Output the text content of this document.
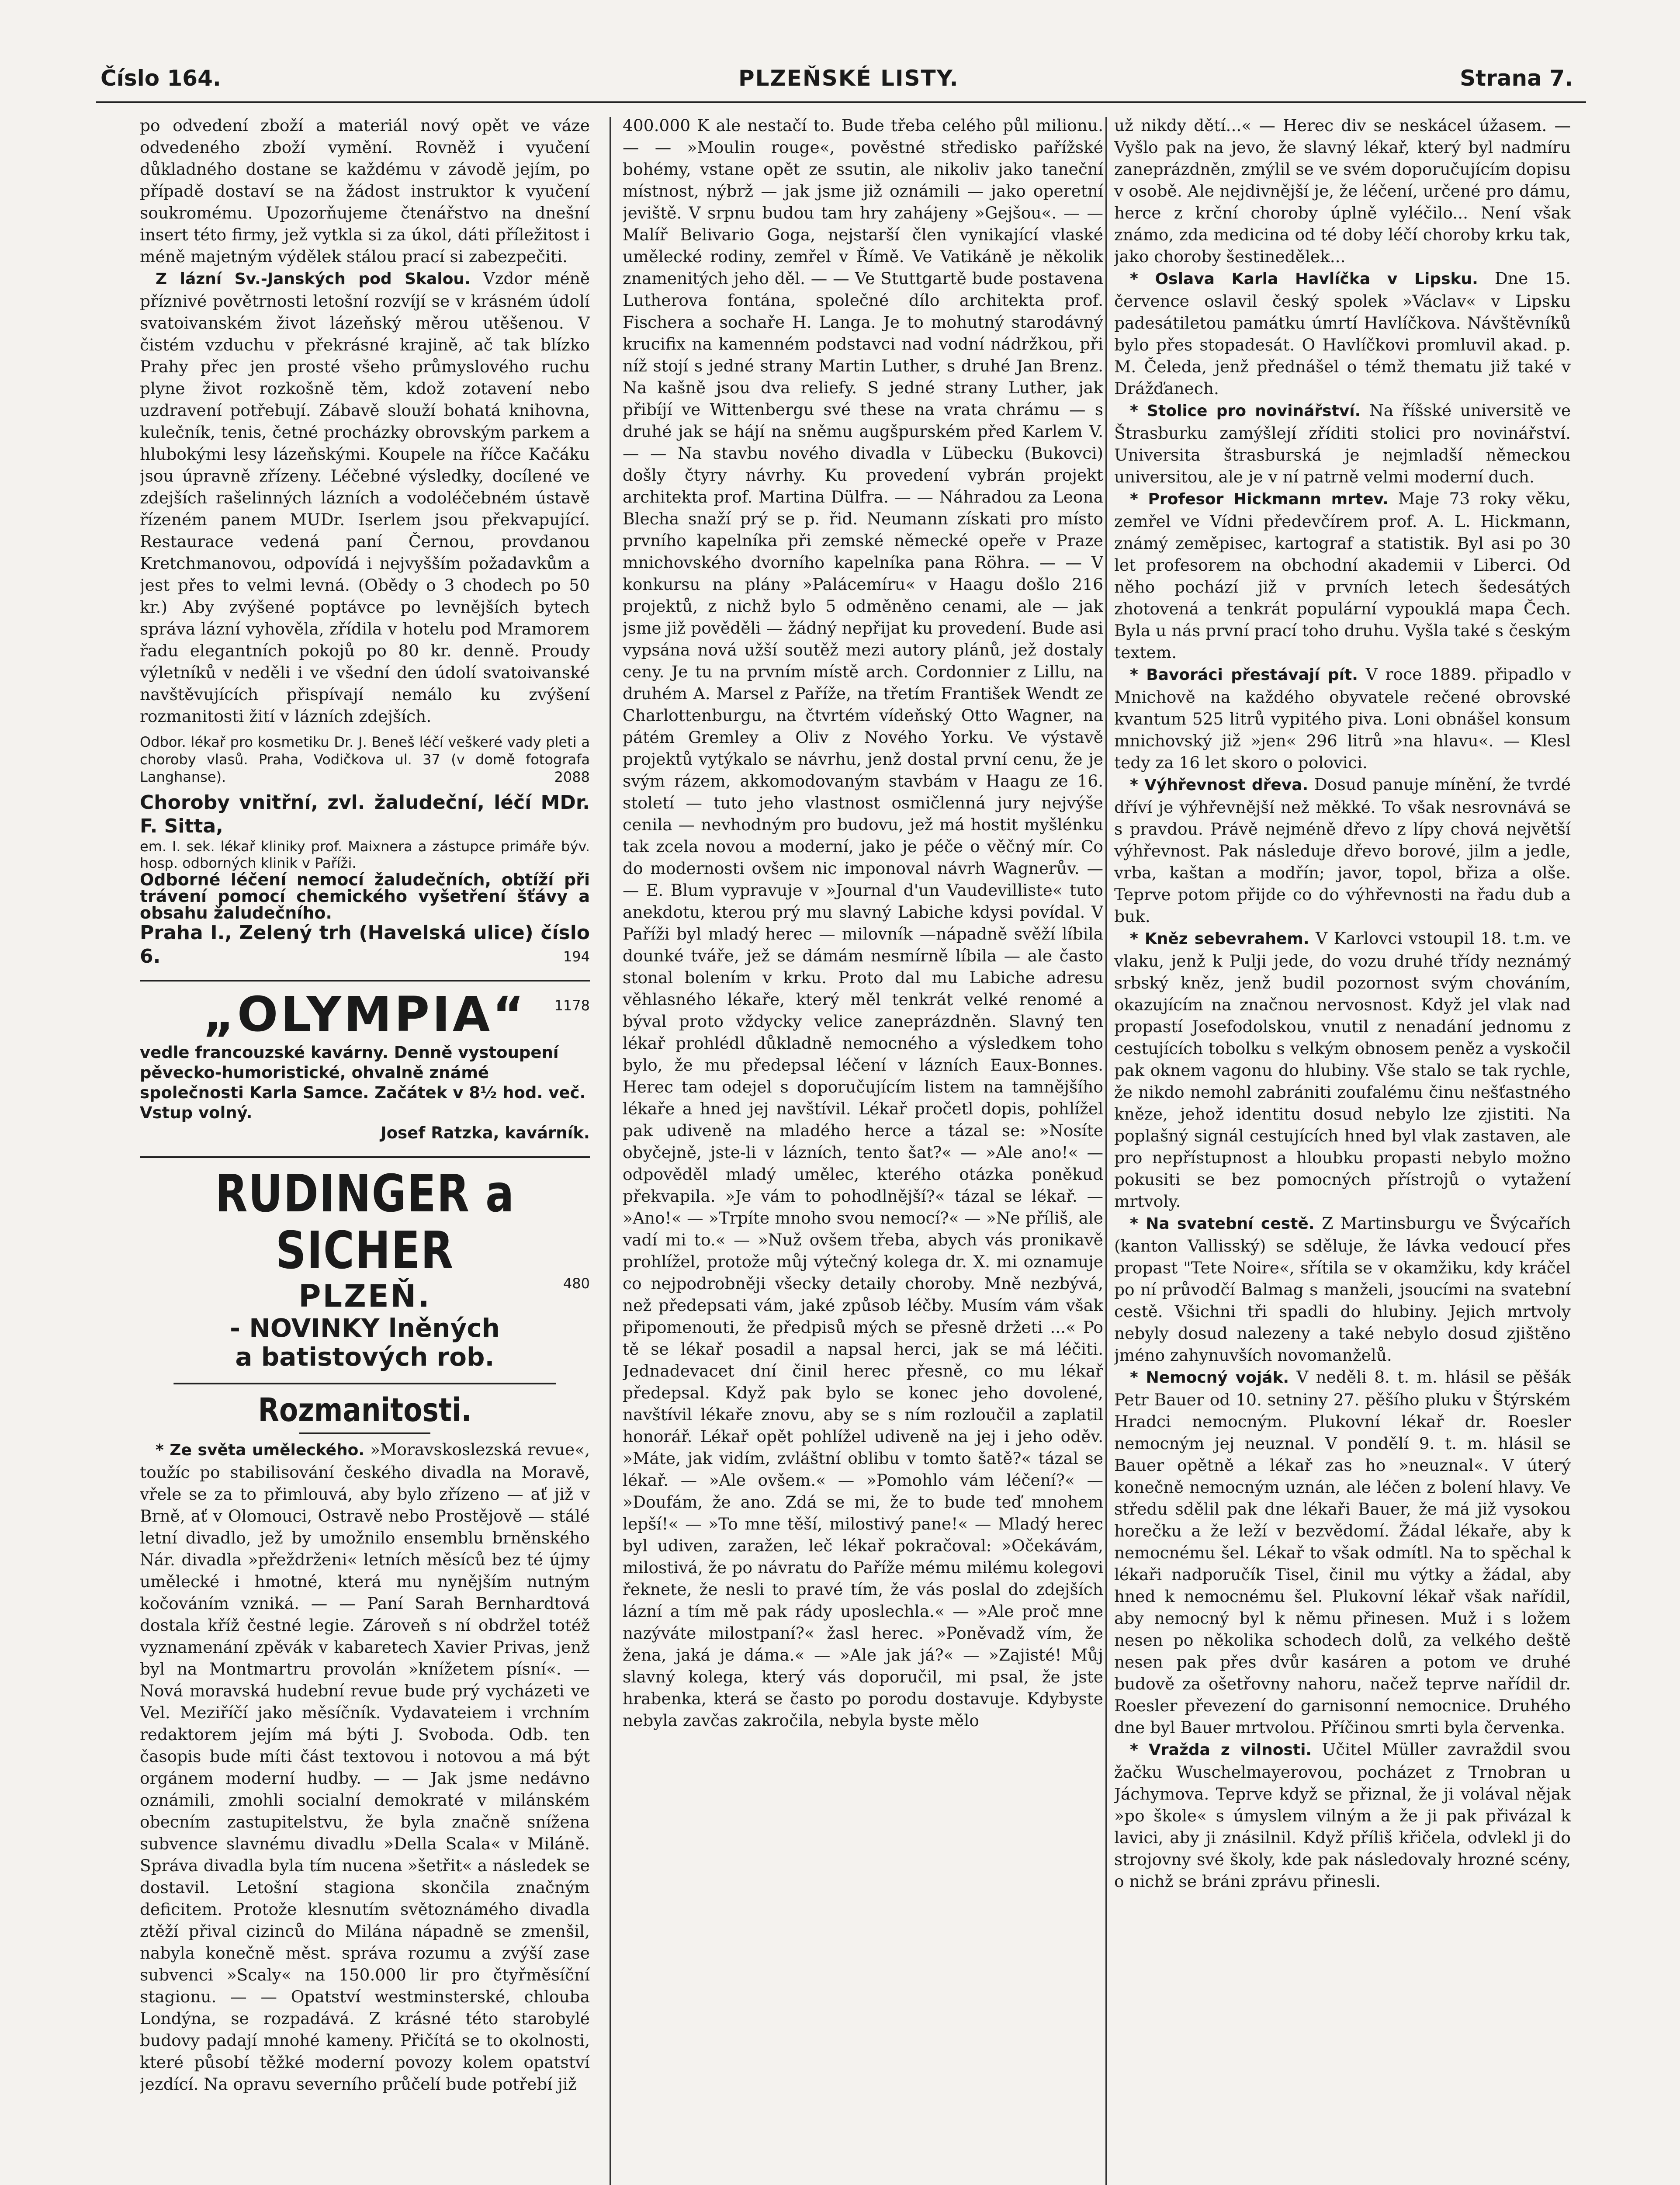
Číslo 164.	PLZEŇSKÉ LISTY.	Strana 7.

po odvedení zboží a materiál nový opět ve váze odvedeného zboží vymění. Rovněž i vyučení důkladného dostane se každému v závodě jejím, po případě dostaví se na žádost instruktor k vyučení soukromému. Upozorňujeme čtenářstvo na dnešní insert této firmy, jež vytkla si za úkol, dáti příležitost i méně majetným výdělek stálou prací si zabezpečiti.

Z lázní Sv.-Janských pod Skalou. Vzdor méně příznivé povětrnosti letošní rozvíjí se v krásném údolí svatoivanském život lázeňský měrou utěšenou. V čistém vzduchu v překrásné krajině, ač tak blízko Prahy přec jen prosté všeho průmyslového ruchu plyne život rozkošně těm, kdož zotavení nebo uzdravení potřebují. Zábavě slouží bohatá knihovna, kulečník, tenis, četné procházky obrovským parkem a hlubokými lesy lázeňskými. Koupele na říčce Kačáku jsou úpravně zřízeny. Léčebné výsledky, docílené ve zdejších rašelinných lázních a vodoléčebném ústavě řízeném panem MUDr. Iserlem jsou překvapující. Restaurace vedená paní Černou, provdanou Kretchmanovou, odpovídá i nejvyšším požadavkům a jest přes to velmi levná. (Obědy o 3 chodech po 50 kr.) Aby zvýšené poptávce po levnějších bytech správa lázní vyhověla, zřídila v hotelu pod Mramorem řadu elegantních pokojů po 80 kr. denně. Proudy výletníků v neděli i ve všední den údolí svatoivanské navštěvujících přispívají nemálo ku zvýšení rozmanitosti žití v lázních zdejších.

Odbor. lékař pro kosmetiku Dr. J. Beneš léčí veškeré vady pleti a choroby vlasů. Praha, Vodičkova ul. 37 (v domě fotografa Langhanse).	2088
Choroby vnitřní, zvl. žaludeční, léčí MDr. F. Sitta,
em. I. sek. lékař kliniky prof. Maixnera a zástupce primáře býv. hosp. odborných klinik v Paříži.
Odborné léčení nemocí žaludečních, obtíží při trávení pomocí chemického vyšetření šťávy a obsahu žaludečního.
Praha I., Zelený trh (Havelská ulice) číslo 6.	194
„OLYMPIA“	1178
vedle francouzské kavárny. Denně vystoupení pěvecko-humoristické, ohvalně známé společnosti Karla Samce. Začátek v 8½ hod. več. Vstup volný.
Josef Ratzka, kavárník.
RUDINGER a SICHER
PLZEŇ.
- NOVINKY lněných
a batistových rob.
480
Rozmanitosti.

* Ze světa uměleckého. »Moravskoslezská revue«, toužíc po stabilisování českého divadla na Moravě, vřele se za to přimlouvá, aby bylo zřízeno — ať již v Brně, ať v Olomouci, Ostravě nebo Prostějově — stálé letní divadlo, jež by umožnilo ensemblu brněnského Nár. divadla »přeždrženi« letních měsíců bez té újmy umělecké i hmotné, která mu nynějším nutným kočováním vzniká. — — Paní Sarah Bernhardtová dostala kříž čestné legie. Zároveň s ní obdržel totéž vyznamenání zpěvák v kabaretech Xavier Privas, jenž byl na Montmartru provolán »knížetem písní«. — Nová moravská hudební revue bude prý vycházeti ve Vel. Meziříčí jako měsíčník. Vydavateiem i vrchním redaktorem jejím má býti J. Svoboda. Odb. ten časopis bude míti část textovou i notovou a má být orgánem moderní hudby. — — Jak jsme nedávno oznámili, zmohli socialní demokraté v milánském obecním zastupitelstvu, že byla značně snížena subvence slavnému divadlu »Della Scala« v Miláně. Správa divadla byla tím nucena »šetřit« a následek se dostavil. Letošní stagiona skončila značným deficitem. Protože klesnutím světoznámého divadla ztěží přival cizinců do Milána nápadně se zmenšil, nabyla konečně měst. správa rozumu a zvýší zase subvenci »Scaly« na 150.000 lir pro čtyřměsíční stagionu. — — Opatství westminsterské, chlouba Londýna, se rozpadává. Z krásné této starobylé budovy padají mnohé kameny. Přičítá se to okolnosti, které působí těžké moderní povozy kolem opatství jezdící. Na opravu severního průčelí bude potřebí již

400.000 K ale nestačí to. Bude třeba celého půl milionu. — — »Moulin rouge«, pověstné středisko pařížské bohémy, vstane opět ze ssutin, ale nikoliv jako taneční místnost, nýbrž — jak jsme již oznámili — jako operetní jeviště. V srpnu budou tam hry zahájeny »Gejšou«. — — Malíř Belivario Goga, nejstarší člen vynikající vlaské umělecké rodiny, zemřel v Římě. Ve Vatikáně je několik znamenitých jeho děl. — — Ve Stuttgartě bude postavena Lutherova fontána, společné dílo architekta prof. Fischera a sochaře H. Langa. Je to mohutný starodávný krucifix na kamenném podstavci nad vodní nádržkou, při níž stojí s jedné strany Martin Luther, s druhé Jan Brenz. Na kašně jsou dva reliefy. S jedné strany Luther, jak přibíjí ve Wittenbergu své these na vrata chrámu — s druhé jak se hájí na sněmu augšpurském před Karlem V. — — Na stavbu nového divadla v Lübecku (Bukovci) došly čtyry návrhy. Ku provedení vybrán projekt architekta prof. Martina Dülfra. — — Náhradou za Leona Blecha snaží prý se p. řid. Neumann získati pro místo prvního kapelníka při zemské německé opeře v Praze mnichovského dvorního kapelníka pana Röhra. — — V konkursu na plány »Palácemíru« v Haagu došlo 216 projektů, z nichž bylo 5 odměněno cenami, ale — jak jsme již pověděli — žádný nepřijat ku provedení. Bude asi vypsána nová užší soutěž mezi autory plánů, jež dostaly ceny. Je tu na prvním místě arch. Cordonnier z Lillu, na druhém A. Marsel z Paříže, na třetím František Wendt ze Charlottenburgu, na čtvrtém vídeňský Otto Wagner, na pátém Gremley a Oliv z Nového Yorku. Ve výstavě projektů vytýkalo se návrhu, jenž dostal první cenu, že je svým rázem, akkomodovaným stavbám v Haagu ze 16. století — tuto jeho vlastnost osmičlenná jury nejvýše cenila — nevhodným pro budovu, jež má hostit myšlénku tak zcela novou a moderní, jako je péče o věčný mír. Co do modernosti ovšem nic imponoval návrh Wagnerův. — — E. Blum vypravuje v »Journal d'un Vaudevilliste« tuto anekdotu, kterou prý mu slavný Labiche kdysi povídal. V Paříži byl mladý herec — milovník —nápadně svěží líbila dounké tváře, jež se dámám nesmírně líbila — ale často stonal bolením v krku. Proto dal mu Labiche adresu věhlasného lékaře, který měl tenkrát velké renomé a býval proto vždycky velice zaneprázdněn. Slavný ten lékař prohlédl důkladně nemocného a výsledkem toho bylo, že mu předepsal léčení v lázních Eaux-Bonnes. Herec tam odejel s doporučujícím listem na tamnějšího lékaře a hned jej navštívil. Lékař pročetl dopis, pohlížel pak udiveně na mladého herce a tázal se: »Nosíte obyčejně, jste-li v lázních, tento šat?« — »Ale ano!« — odpověděl mladý umělec, kterého otázka poněkud překvapila. »Je vám to pohodlnější?« tázal se lékař. — »Ano!« — »Trpíte mnoho svou nemocí?« — »Ne příliš, ale vadí mi to.« — »Nuž ovšem třeba, abych vás pronikavě prohlížel, protože můj výtečný kolega dr. X. mi oznamuje co nejpodrobněji všecky detaily choroby. Mně nezbývá, než předepsati vám, jaké způsob léčby. Musím vám však připomenouti, že předpisů mých se přesně držeti ...« Po tě se lékař posadil a napsal herci, jak se má léčiti. Jednadevacet dní činil herec přesně, co mu lékař předepsal. Když pak bylo se konec jeho dovolené, navštívil lékaře znovu, aby se s ním rozloučil a zaplatil honorář. Lékař opět pohlížel udiveně na jej i jeho oděv. »Máte, jak vidím, zvláštní oblibu v tomto šatě?« tázal se lékař. — »Ale ovšem.« — »Pomohlo vám léčení?« — »Doufám, že ano. Zdá se mi, že to bude teď mnohem lepší!« — »To mne těší, milostivý pane!« — Mladý herec byl udiven, zaražen, leč lékař pokračoval: »Očekávám, milostivá, že po návratu do Paříže mému milému kolegovi řeknete, že nesli to pravé tím, že vás poslal do zdejších lázní a tím mě pak rády uposlechla.« — »Ale proč mne nazýváte milostpaní?« žasl herec. »Poněvadž vím, že žena, jaká je dáma.« — »Ale jak já?« — »Zajisté! Můj slavný kolega, který vás doporučil, mi psal, že jste hrabenka, která se často po porodu dostavuje. Kdybyste nebyla zavčas zakročila, nebyla byste mělo

už nikdy dětí...« — Herec div se neskácel úžasem. — Vyšlo pak na jevo, že slavný lékař, který byl nadmíru zaneprázdněn, zmýlil se ve svém doporučujícím dopisu v osobě. Ale nejdivnější je, že léčení, určené pro dámu, herce z krční choroby úplně vyléčilo... Není však známo, zda medicina od té doby léčí choroby krku tak, jako choroby šestinedělek...

* Oslava Karla Havlíčka v Lipsku. Dne 15. července oslavil český spolek »Václav« v Lipsku padesátiletou památku úmrtí Havlíčkova. Návštěvníků bylo přes stopadesát. O Havlíčkovi promluvil akad. p. M. Čeleda, jenž přednášel o témž thematu již také v Drážďanech.

* Stolice pro novinářství. Na říšské universitě ve Štrasburku zamýšlejí zříditi stolici pro novinářství. Universita štrasburská je nejmladší německou universitou, ale je v ní patrně velmi moderní duch.

* Profesor Hickmann mrtev. Maje 73 roky věku, zemřel ve Vídni předevčírem prof. A. L. Hickmann, známý zeměpisec, kartograf a statistik. Byl asi po 30 let profesorem na obchodní akademii v Liberci. Od něho pochází již v prvních letech šedesátých zhotovená a tenkrát populární vypouklá mapa Čech. Byla u nás první prací toho druhu. Vyšla také s českým textem.

* Bavoráci přestávají pít. V roce 1889. připadlo v Mnichově na každého obyvatele rečené obrovské kvantum 525 litrů vypitého piva. Loni obnášel konsum mnichovský již »jen« 296 litrů »na hlavu«. — Klesl tedy za 16 let skoro o polovici.

* Výhřevnost dřeva. Dosud panuje mínění, že tvrdé dříví je výhřevnější než měkké. To však nesrovnává se s pravdou. Právě nejméně dřevo z lípy chová největší výhřevnost. Pak následuje dřevo borové, jilm a jedle, vrba, kaštan a modřín; javor, topol, břiza a olše. Teprve potom přijde co do výhřevnosti na řadu dub a buk.

* Kněz sebevrahem. V Karlovci vstoupil 18. t.m. ve vlaku, jenž k Pulji jede, do vozu druhé třídy neznámý srbský kněz, jenž budil pozornost svým chováním, okazujícím na značnou nervosnost. Když jel vlak nad propastí Josefodolskou, vnutil z nenadání jednomu z cestujících tobolku s velkým obnosem peněz a vyskočil pak oknem vagonu do hlubiny. Vše stalo se tak rychle, že nikdo nemohl zabrániti zoufalému činu nešťastného kněze, jehož identitu dosud nebylo lze zjistiti. Na poplašný signál cestujících hned byl vlak zastaven, ale pro nepřístupnost a hloubku propasti nebylo možno pokusiti se bez pomocných přístrojů o vytažení mrtvoly.

* Na svatební cestě. Z Martinsburgu ve Švýcařích (kanton Vallisský) se sděluje, že lávka vedoucí přes propast "Tete Noire«, sřítila se v okamžiku, kdy kráčel po ní průvodčí Balmag s manželi, jsoucími na svatební cestě. Všichni tři spadli do hlubiny. Jejich mrtvoly nebyly dosud nalezeny a také nebylo dosud zjištěno jméno zahynuvších novomanželů.

* Nemocný voják. V neděli 8. t. m. hlásil se pěšák Petr Bauer od 10. setniny 27. pěšího pluku v Štýrském Hradci nemocným. Plukovní lékař dr. Roesler nemocným jej neuznal. V pondělí 9. t. m. hlásil se Bauer opětně a lékař zas ho »neuznal«. V úterý konečně nemocným uznán, ale léčen z bolení hlavy. Ve středu sdělil pak dne lékaři Bauer, že má již vysokou horečku a že leží v bezvědomí. Žádal lékaře, aby k nemocnému šel. Lékař to však odmítl. Na to spěchal k lékaři nadporučík Tisel, činil mu výtky a žádal, aby hned k nemocnému šel. Plukovní lékař však nařídil, aby nemocný byl k němu přinesen. Muž i s ložem nesen po několika schodech dolů, za velkého deště nesen pak přes dvůr kasáren a potom ve druhé budově za ošetřovny nahoru, načež teprve nařídil dr. Roesler převezení do garnisonní nemocnice. Druhého dne byl Bauer mrtvolou. Příčinou smrti byla červenka.

* Vražda z vilnosti. Učitel Müller zavraždil svou žačku Wuschelmayerovou, pocházet z Trnobran u Jáchymova. Teprve když se přiznal, že ji volával nějak »po škole« s úmyslem vilným a že ji pak přivázal k lavici, aby ji znásilnil. Když příliš křičela, odvlekl ji do strojovny své školy, kde pak následovaly hrozné scény, o nichž se bráni zprávu přinesli.
